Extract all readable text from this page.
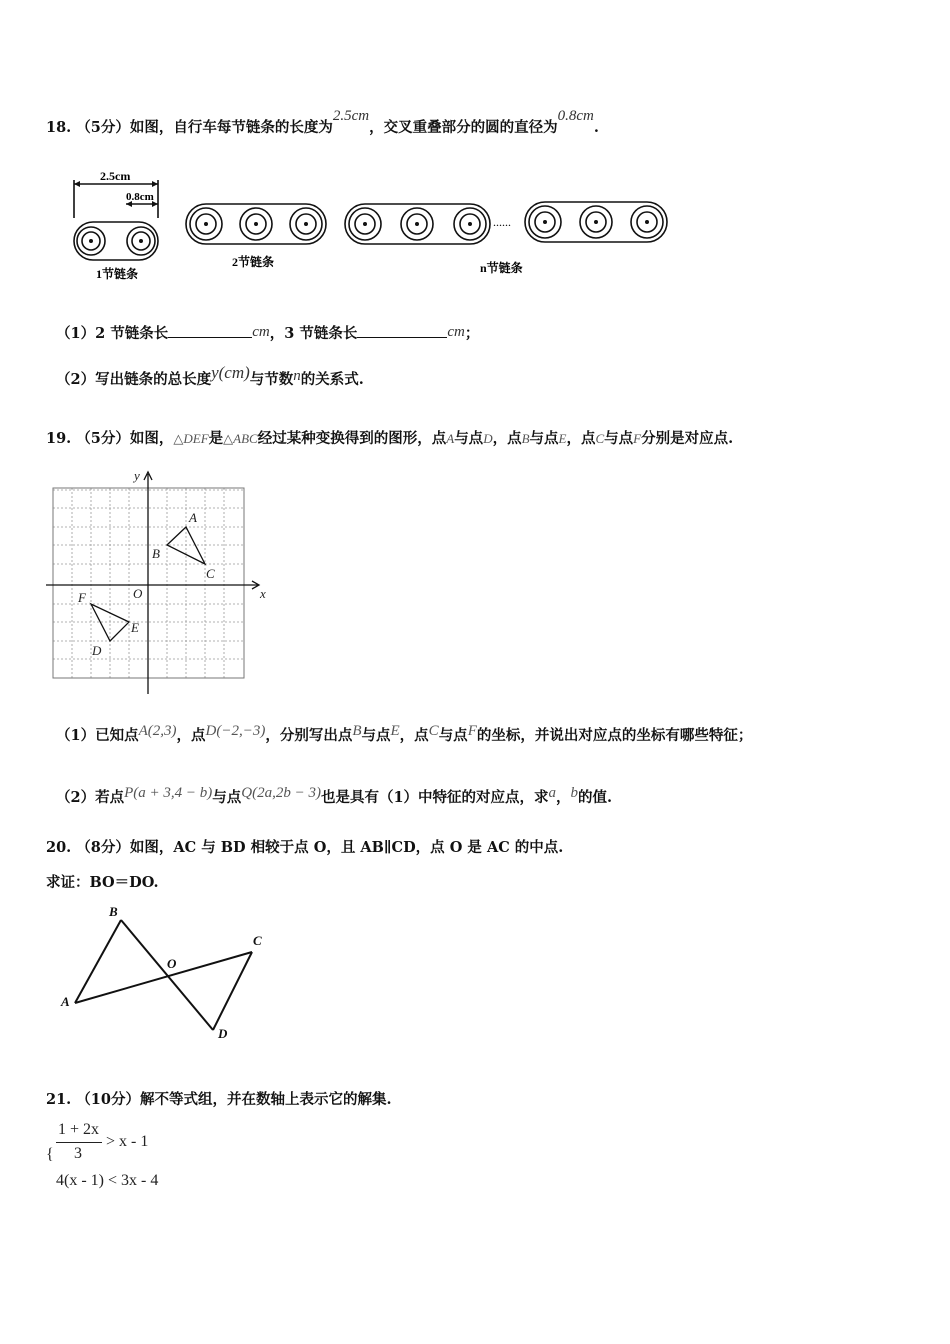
18. （5分）如图，自行车每节链条的长度为2.5cm，交叉重叠部分的圆的直径为0.8cm.
2.5cm
0.8cm
1节链条
2节链条
......
n节链条
（1）2 节链条长	cm，3 节链条长	cm；
（2）写出链条的总长度y(cm)与节数n的关系式.
19. （5分）如图，△DEF是△ABC经过某种变换得到的图形，点A与点D，点B与点E，点C与点F分别是对应点.
x
y
O
A
B
C
D
E
F
（1）已知点A(2,3)，点D(−2,−3)，分别写出点B与点E，点C与点F的坐标，并说出对应点的坐标有哪些特征；
（2）若点P(a + 3,4 − b)与点Q(2a,2b − 3)也是具有（1）中特征的对应点，求a，b的值.
20. （8分）如图，AC 与 BD 相较于点 O，且 AB∥CD，点 O 是 AC 的中点.
求证：BO＝DO.
A
B
C
D
O
21. （10分）解不等式组，并在数轴上表示它的解集.
1 + 2x
3
> x - 1
{
4(x - 1) < 3x - 4
